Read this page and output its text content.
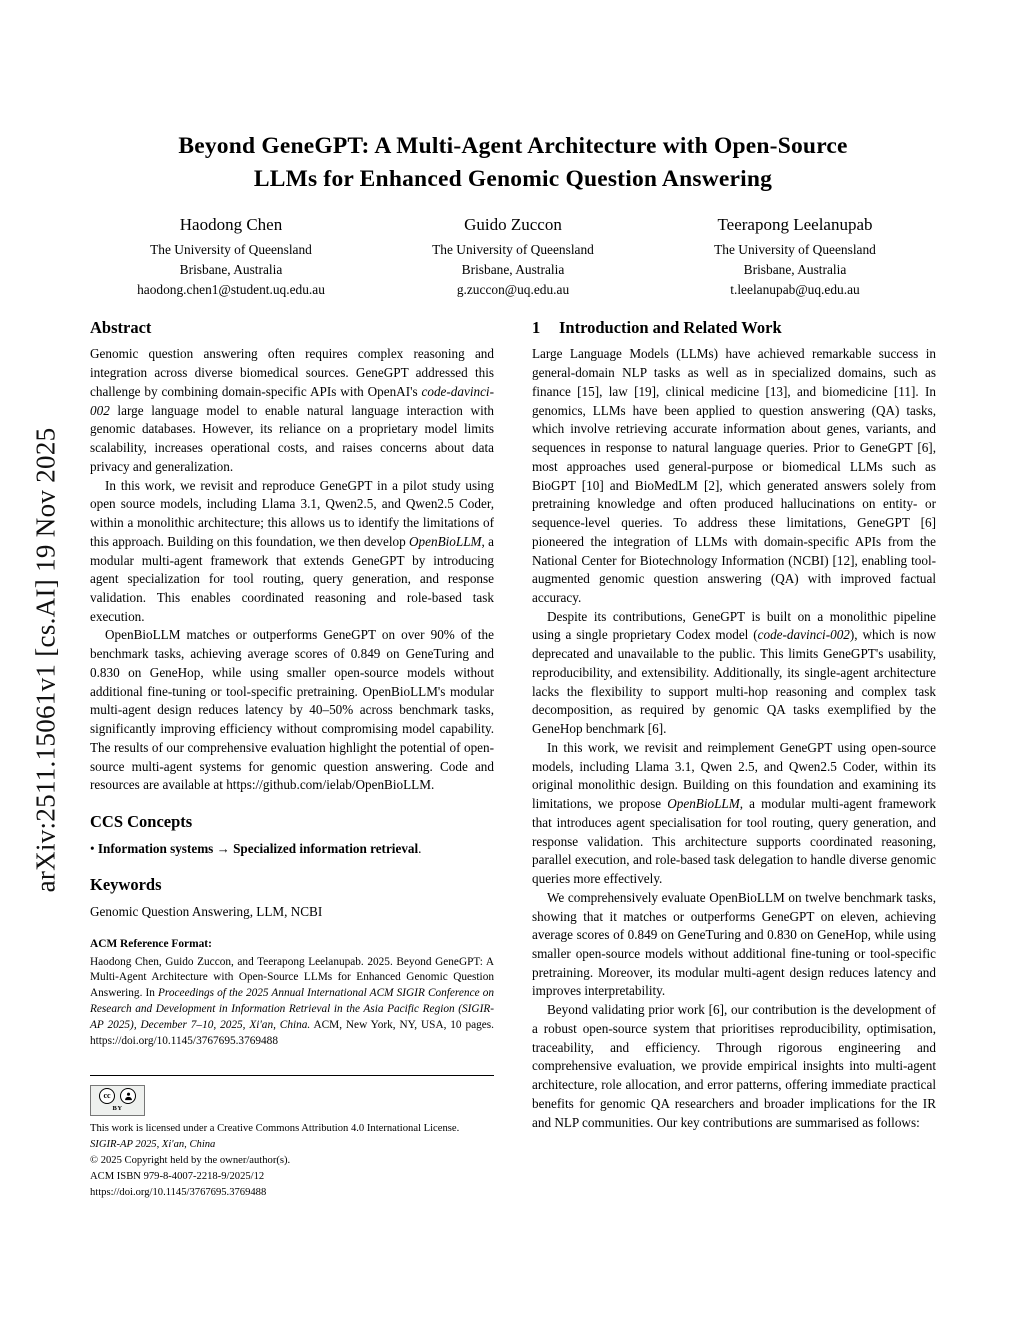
arXiv:2511.15061v1 [cs.AI] 19 Nov 2025
Beyond GeneGPT: A Multi-Agent Architecture with Open-Source
LLMs for Enhanced Genomic Question Answering
Haodong Chen
The University of Queensland
Brisbane, Australia
haodong.chen1@student.uq.edu.au
Guido Zuccon
The University of Queensland
Brisbane, Australia
g.zuccon@uq.edu.au
Teerapong Leelanupab
The University of Queensland
Brisbane, Australia
t.leelanupab@uq.edu.au
Abstract

Genomic question answering often requires complex reasoning and integration across diverse biomedical sources. GeneGPT addressed this challenge by combining domain-specific APIs with OpenAI's code-davinci-002 large language model to enable natural language interaction with genomic databases. However, its reliance on a proprietary model limits scalability, increases operational costs, and raises concerns about data privacy and generalization.

In this work, we revisit and reproduce GeneGPT in a pilot study using open source models, including Llama 3.1, Qwen2.5, and Qwen2.5 Coder, within a monolithic architecture; this allows us to identify the limitations of this approach. Building on this foundation, we then develop OpenBioLLM, a modular multi-agent framework that extends GeneGPT by introducing agent specialization for tool routing, query generation, and response validation. This enables coordinated reasoning and role-based task execution.

OpenBioLLM matches or outperforms GeneGPT on over 90% of the benchmark tasks, achieving average scores of 0.849 on GeneTuring and 0.830 on GeneHop, while using smaller open-source models without additional fine-tuning or tool-specific pretraining. OpenBioLLM's modular multi-agent design reduces latency by 40–50% across benchmark tasks, significantly improving efficiency without compromising model capability. The results of our comprehensive evaluation highlight the potential of open-source multi-agent systems for genomic question answering. Code and resources are available at https://github.com/ielab/OpenBioLLM.

CCS Concepts

• Information systems → Specialized information retrieval.

Keywords

Genomic Question Answering, LLM, NCBI

ACM Reference Format:

Haodong Chen, Guido Zuccon, and Teerapong Leelanupab. 2025. Beyond GeneGPT: A Multi-Agent Architecture with Open-Source LLMs for Enhanced Genomic Question Answering. In Proceedings of the 2025 Annual International ACM SIGIR Conference on Research and Development in Information Retrieval in the Asia Pacific Region (SIGIR-AP 2025), December 7–10, 2025, Xi'an, China. ACM, New York, NY, USA, 10 pages. https://doi.org/10.1145/3767695.3769488

cc
BY
This work is licensed under a Creative Commons Attribution 4.0 International License.
SIGIR-AP 2025, Xi'an, China
© 2025 Copyright held by the owner/author(s).
ACM ISBN 979-8-4007-2218-9/2025/12
https://doi.org/10.1145/3767695.3769488
1 Introduction and Related Work

Large Language Models (LLMs) have achieved remarkable success in general-domain NLP tasks as well as in specialized domains, such as finance [15], law [19], clinical medicine [13], and biomedicine [11]. In genomics, LLMs have been applied to question answering (QA) tasks, which involve retrieving accurate information about genes, variants, and sequences in response to natural language queries. Prior to GeneGPT [6], most approaches used general-purpose or biomedical LLMs such as BioGPT [10] and BioMedLM [2], which generated answers solely from pretraining knowledge and often produced hallucinations on entity- or sequence-level queries. To address these limitations, GeneGPT [6] pioneered the integration of LLMs with domain-specific APIs from the National Center for Biotechnology Information (NCBI) [12], enabling tool-augmented genomic question answering (QA) with improved factual accuracy.

Despite its contributions, GeneGPT is built on a monolithic pipeline using a single proprietary Codex model (code-davinci-002), which is now deprecated and unavailable to the public. This limits GeneGPT's usability, reproducibility, and extensibility. Additionally, its single-agent architecture lacks the flexibility to support multi-hop reasoning and complex task decomposition, as required by genomic QA tasks exemplified by the GeneHop benchmark [6].

In this work, we revisit and reimplement GeneGPT using open-source models, including Llama 3.1, Qwen 2.5, and Qwen2.5 Coder, within its original monolithic design. Building on this foundation and examining its limitations, we propose OpenBioLLM, a modular multi-agent framework that introduces agent specialisation for tool routing, query generation, and response validation. This architecture supports coordinated reasoning, parallel execution, and role-based task delegation to handle diverse genomic queries more effectively.

We comprehensively evaluate OpenBioLLM on twelve benchmark tasks, showing that it matches or outperforms GeneGPT on eleven, achieving average scores of 0.849 on GeneTuring and 0.830 on GeneHop, while using smaller open-source models without additional fine-tuning or tool-specific pretraining. Moreover, its modular multi-agent design reduces latency and improves interpretability.

Beyond validating prior work [6], our contribution is the development of a robust open-source system that prioritises reproducibility, optimisation, traceability, and efficiency. Through rigorous engineering and comprehensive evaluation, we provide empirical insights into multi-agent architecture, role allocation, and error patterns, offering immediate practical benefits for genomic QA researchers and broader implications for the IR and NLP communities. Our key contributions are summarised as follows:
